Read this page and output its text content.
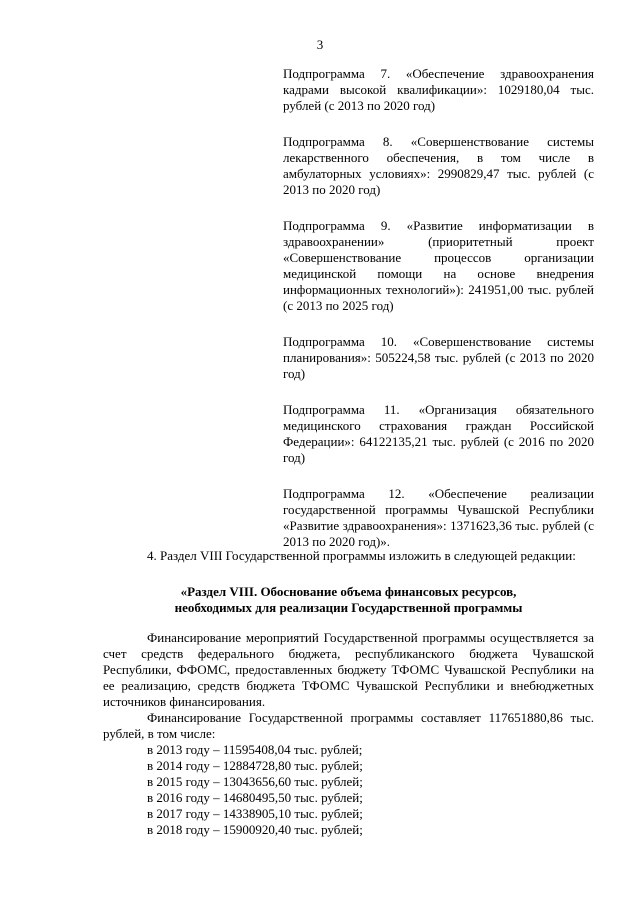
3

Подпрограмма 7. «Обеспечение здравоохранения кадрами высокой квалификации»: 1029180,04 тыс. рублей (с 2013 по 2020 год)

Подпрограмма 8. «Совершенствование системы лекарственного обеспечения, в том числе в амбулаторных условиях»: 2990829,47 тыс. рублей (с 2013 по 2020 год)

Подпрограмма 9. «Развитие информатизации в здравоохранении» (приоритетный проект «Совершенствование процессов организации медицинской помощи на основе внедрения информационных технологий»): 241951,00 тыс. рублей (с 2013 по 2025 год)

Подпрограмма 10. «Совершенствование системы планирования»: 505224,58 тыс. рублей (с 2013 по 2020 год)

Подпрограмма 11. «Организация обязательного медицинского страхования граждан Российской Федерации»: 64122135,21 тыс. рублей (с 2016 по 2020 год)

Подпрограмма 12. «Обеспечение реализации государственной программы Чувашской Республики «Развитие здравоохранения»: 1371623,36 тыс. рублей (с 2013 по 2020 год)».

4. Раздел VIII Государственной программы изложить в следующей редакции:

«Раздел VIII. Обоснование объема финансовых ресурсов,
необходимых для реализации Государственной программы

Финансирование мероприятий Государственной программы осуществляется за счет средств федерального бюджета, республиканского бюджета Чувашской Республики, ФФОМС, предоставленных бюджету ТФОМС Чувашской Республики на ее реализацию, средств бюджета ТФОМС Чувашской Республики и внебюджетных источников финансирования.

Финансирование Государственной программы составляет 117651880,86 тыс. рублей, в том числе:

в 2013 году – 11595408,04 тыс. рублей;
в 2014 году – 12884728,80 тыс. рублей;
в 2015 году – 13043656,60 тыс. рублей;
в 2016 году – 14680495,50 тыс. рублей;
в 2017 году – 14338905,10 тыс. рублей;
в 2018 году – 15900920,40 тыс. рублей;
